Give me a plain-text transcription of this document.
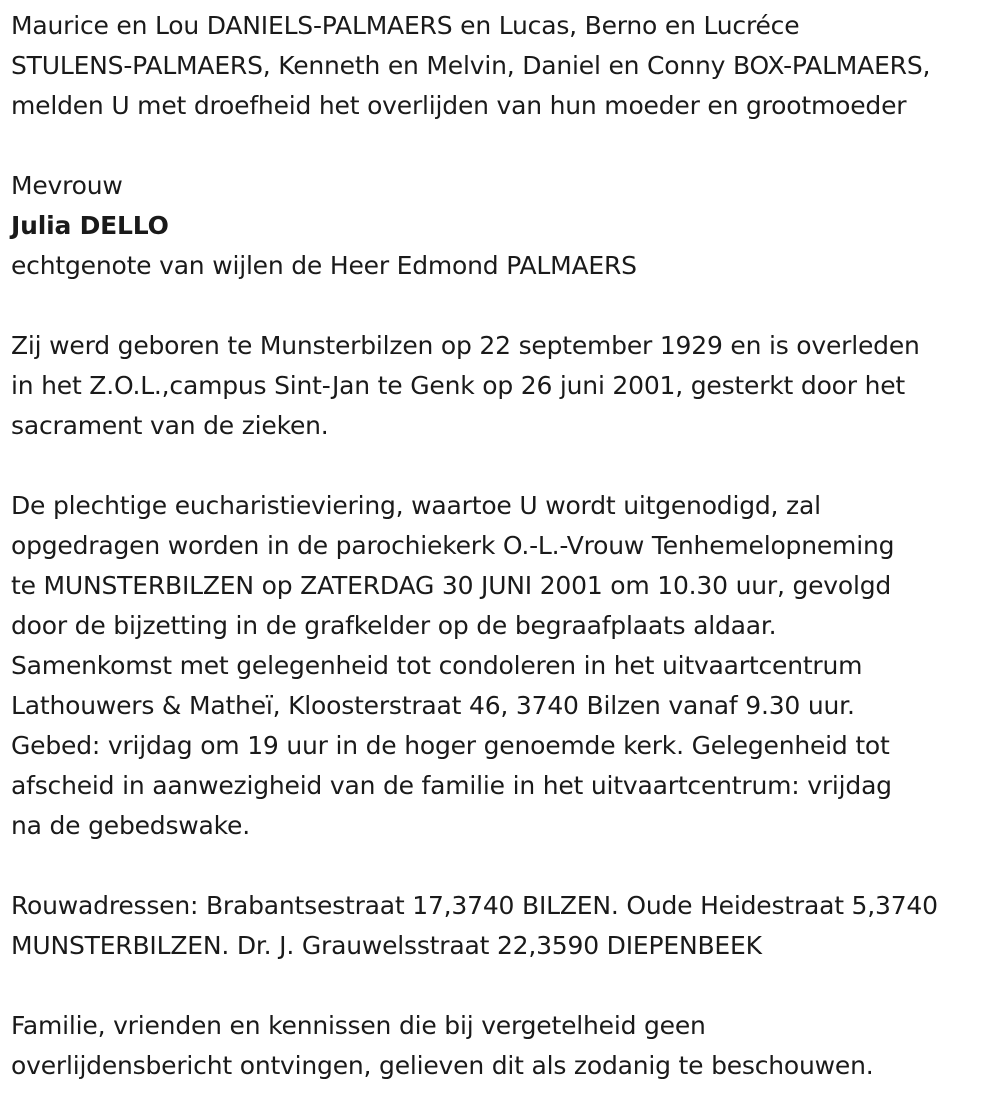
Maurice en Lou DANIELS-PALMAERS en Lucas, Berno en Lucréce
STULENS-PALMAERS, Kenneth en Melvin, Daniel en Conny BOX-PALMAERS,
melden U met droefheid het overlijden van hun moeder en grootmoeder

Mevrouw

Julia DELLO

echtgenote van wijlen de Heer Edmond PALMAERS

Zij werd geboren te Munsterbilzen op 22 september 1929 en is overleden
in het Z.O.L.,campus Sint-Jan te Genk op 26 juni 2001, gesterkt door het
sacrament van de zieken.

De plechtige eucharistieviering, waartoe U wordt uitgenodigd, zal
opgedragen worden in de parochiekerk O.-L.-Vrouw Tenhemelopneming
te MUNSTERBILZEN op ZATERDAG 30 JUNI 2001 om 10.30 uur, gevolgd
door de bijzetting in de grafkelder op de begraafplaats aldaar.
Samenkomst met gelegenheid tot condoleren in het uitvaartcentrum
Lathouwers & Matheï, Kloosterstraat 46, 3740 Bilzen vanaf 9.30 uur.
Gebed: vrijdag om 19 uur in de hoger genoemde kerk. Gelegenheid tot
afscheid in aanwezigheid van de familie in het uitvaartcentrum: vrijdag
na de gebedswake.

Rouwadressen: Brabantsestraat 17,3740 BILZEN. Oude Heidestraat 5,3740
MUNSTERBILZEN. Dr. J. Grauwelsstraat 22,3590 DIEPENBEEK

Familie, vrienden en kennissen die bij vergetelheid geen
overlijdensbericht ontvingen, gelieven dit als zodanig te beschouwen.
